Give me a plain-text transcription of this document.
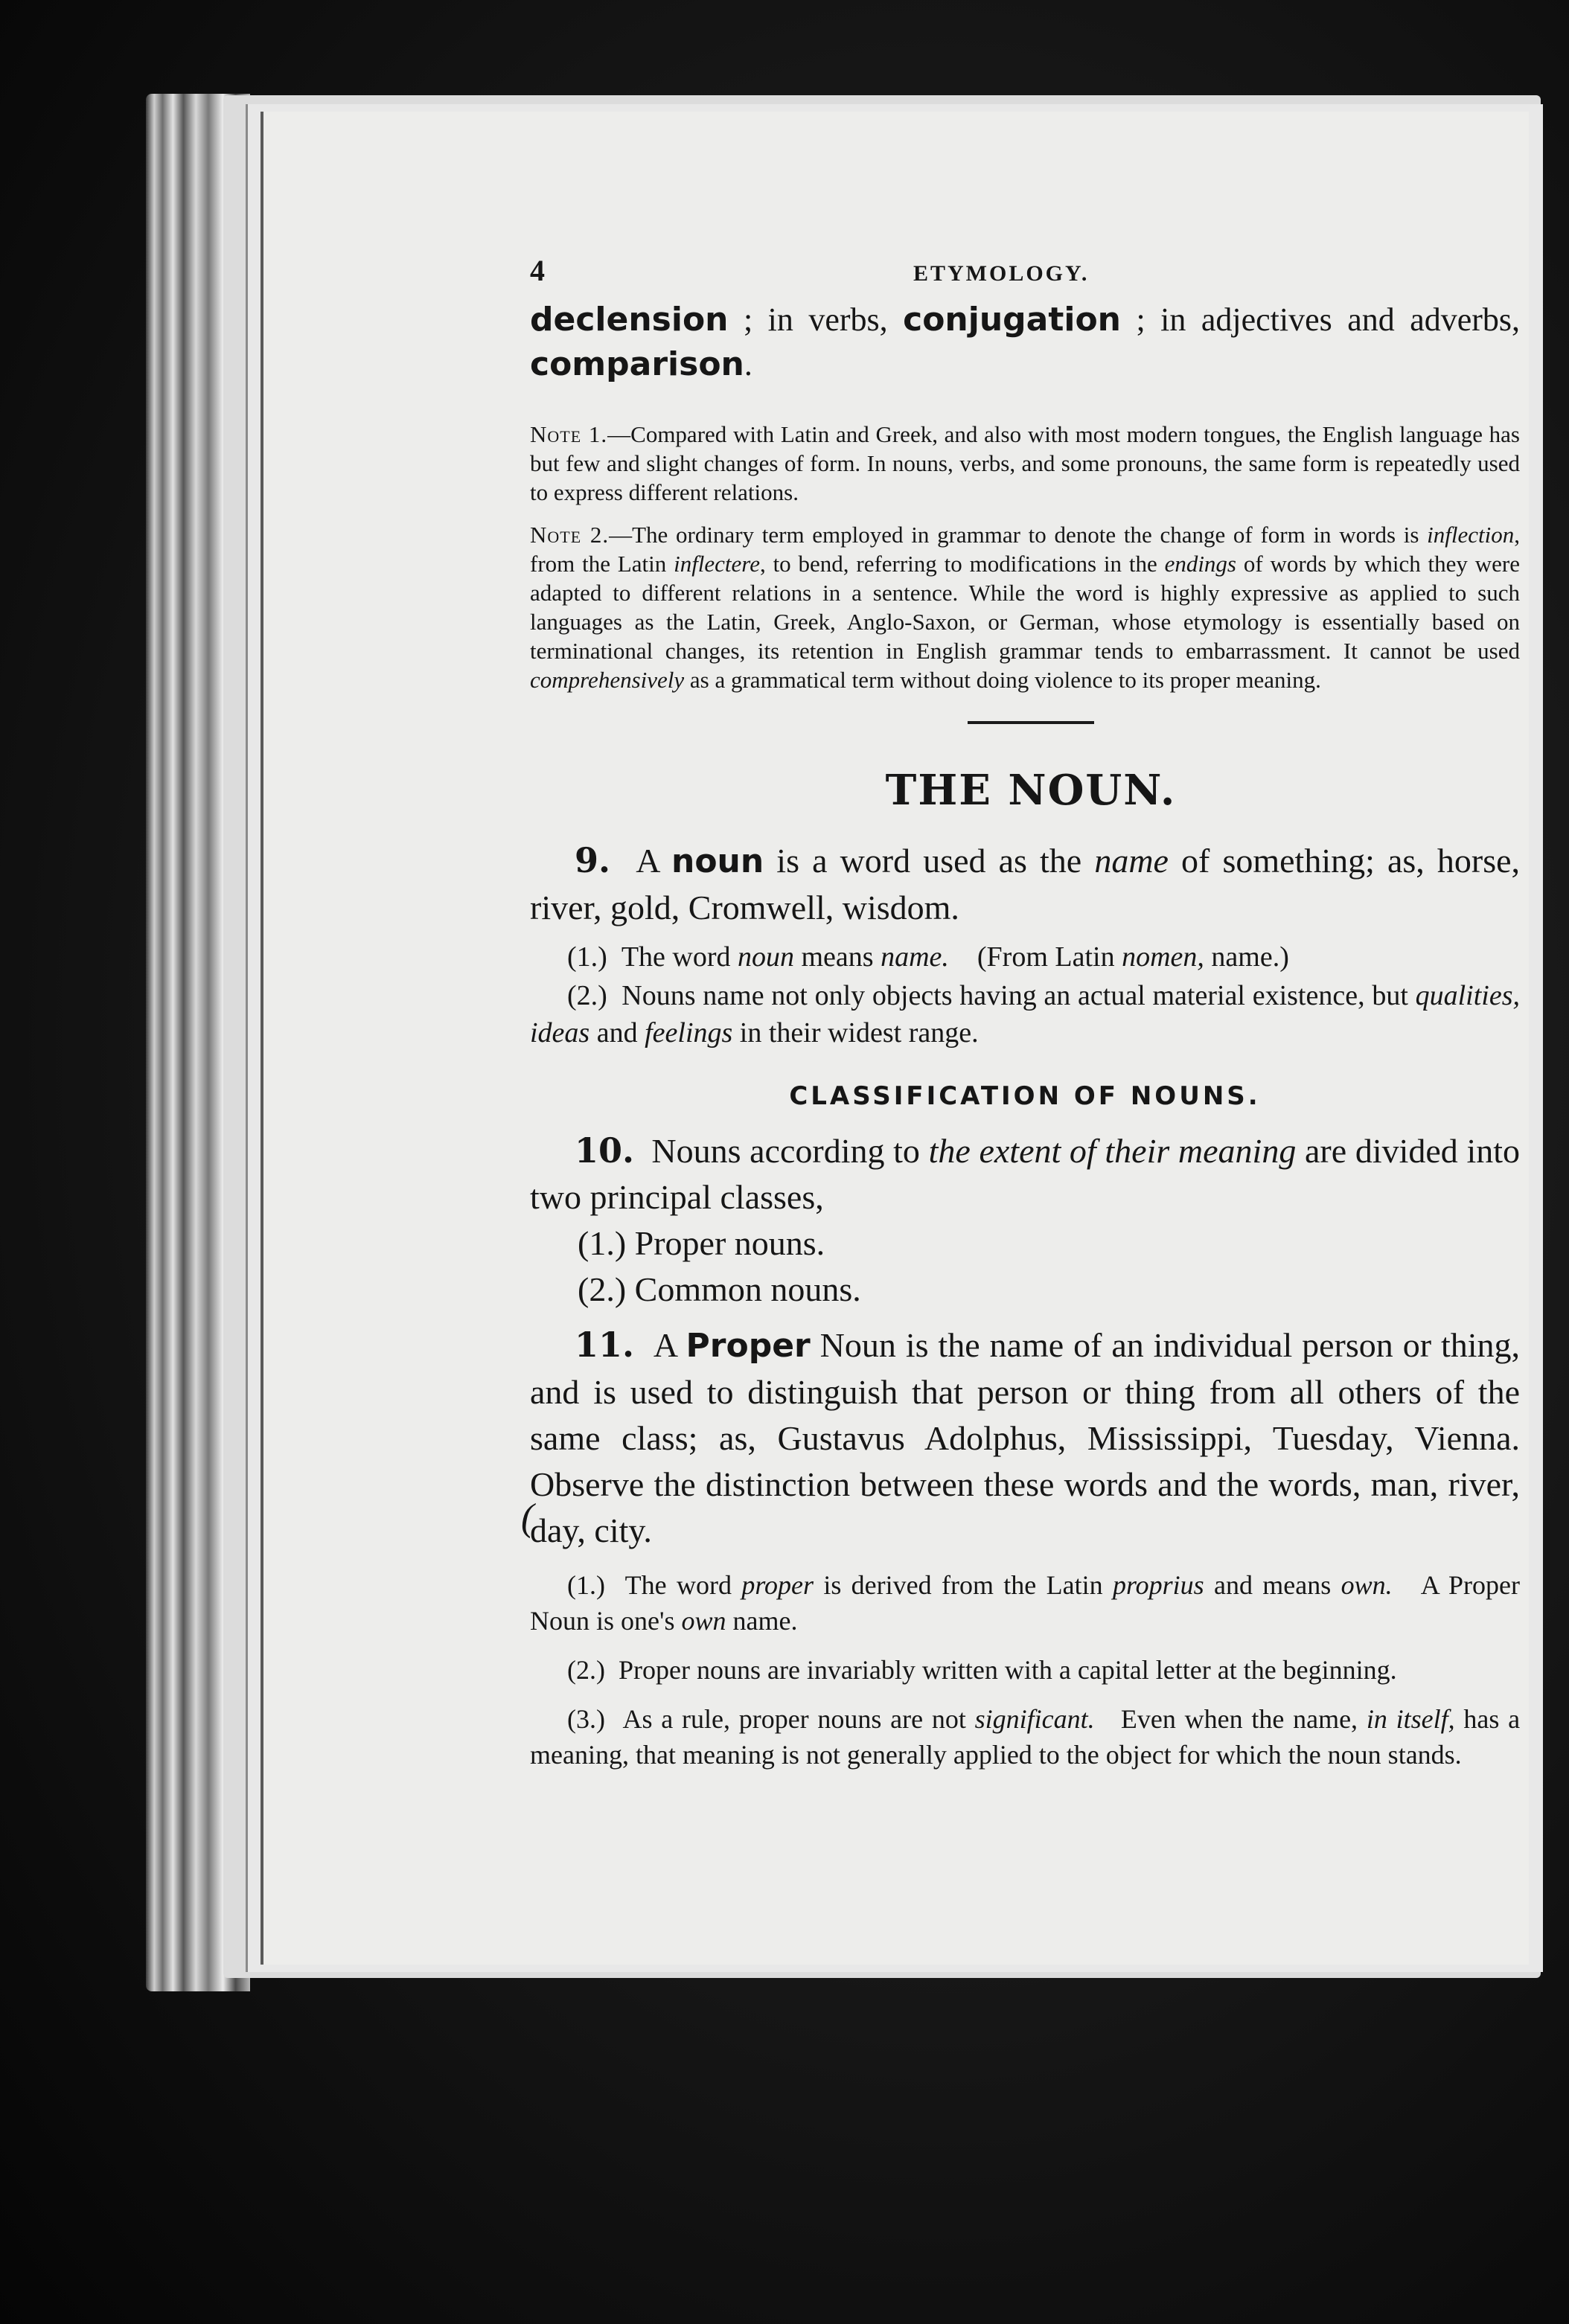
4	ETYMOLOGY.

declension ; in verbs, conjugation ; in adjectives and adverbs, comparison.

Note 1.—Compared with Latin and Greek, and also with most modern tongues, the English language has but few and slight changes of form. In nouns, verbs, and some pronouns, the same form is repeatedly used to express different relations.

Note 2.—The ordinary term employed in grammar to denote the change of form in words is inflection, from the Latin inflectere, to bend, referring to modifications in the endings of words by which they were adapted to different relations in a sentence. While the word is highly expressive as applied to such languages as the Latin, Greek, Anglo-Saxon, or German, whose etymology is essentially based on terminational changes, its retention in English grammar tends to embarrassment. It cannot be used comprehensively as a grammatical term without doing violence to its proper meaning.

THE NOUN.

9. A noun is a word used as the name of something; as, horse, river, gold, Cromwell, wisdom.

(1.) The word noun means name. (From Latin nomen, name.)

(2.) Nouns name not only objects having an actual material existence, but qualities, ideas and feelings in their widest range.

CLASSIFICATION OF NOUNS.

10. Nouns according to the extent of their meaning are divided into two principal classes,

(1.) Proper nouns.
(2.) Common nouns.

11. A Proper Noun is the name of an individual person or thing, and is used to distinguish that person or thing from all others of the same class; as, Gustavus Adolphus, Mississippi, Tuesday, Vienna. Observe the distinction between these words and the words, man, river, day, city.

(1.) The word proper is derived from the Latin proprius and means own. A Proper Noun is one's own name.

(2.) Proper nouns are invariably written with a capital letter at the beginning.

(3.) As a rule, proper nouns are not significant. Even when the name, in itself, has a meaning, that meaning is not generally applied to the object for which the noun stands.

(
